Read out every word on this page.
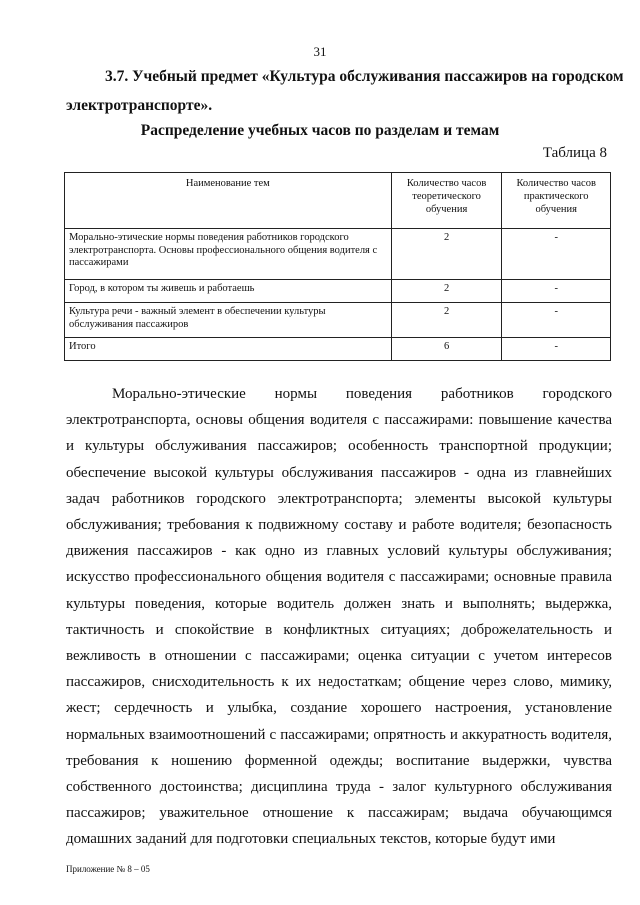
31
3.7. Учебный предмет «Культура обслуживания пассажиров на городском
электротранспорте».
Распределение учебных часов по разделам и темам
Таблица 8
Наименование тем	Количество часов теоретического обучения	Количество часов практического обучения
Морально-этические нормы поведения работников городского электротранспорта. Основы профессионального общения водителя с пассажирами	2	-
Город, в котором ты живешь и работаешь	2	-
Культура речи - важный элемент в обеспечении культуры обслуживания пассажиров	2	-
Итого	6	-
Морально-этические нормы поведения работников городского электротранспорта, основы общения водителя с пассажирами: повышение качества и культуры обслуживания пассажиров; особенность транспортной продукции; обеспечение высокой культуры обслуживания пассажиров - одна из главнейших задач работников городского электротранспорта; элементы высокой культуры обслуживания; требования к подвижному составу и работе водителя; безопасность движения пассажиров - как одно из главных условий культуры обслуживания; искусство профессионального общения водителя с пассажирами; основные правила культуры поведения, которые водитель должен знать и выполнять; выдержка, тактичность и спокойствие в конфликтных ситуациях; доброжелательность и вежливость в отношении с пассажирами; оценка ситуации с учетом интересов пассажиров, снисходительность к их недостаткам; общение через слово, мимику, жест; сердечность и улыбка, создание хорошего настроения, установление нормальных взаимоотношений с пассажирами; опрятность и аккуратность водителя, требования к ношению форменной одежды; воспитание выдержки, чувства собственного достоинства; дисциплина труда - залог культурного обслуживания пассажиров; уважительное отношение к пассажирам; выдача обучающимся домашних заданий для подготовки специальных текстов, которые будут ими
Приложение № 8 – 05
